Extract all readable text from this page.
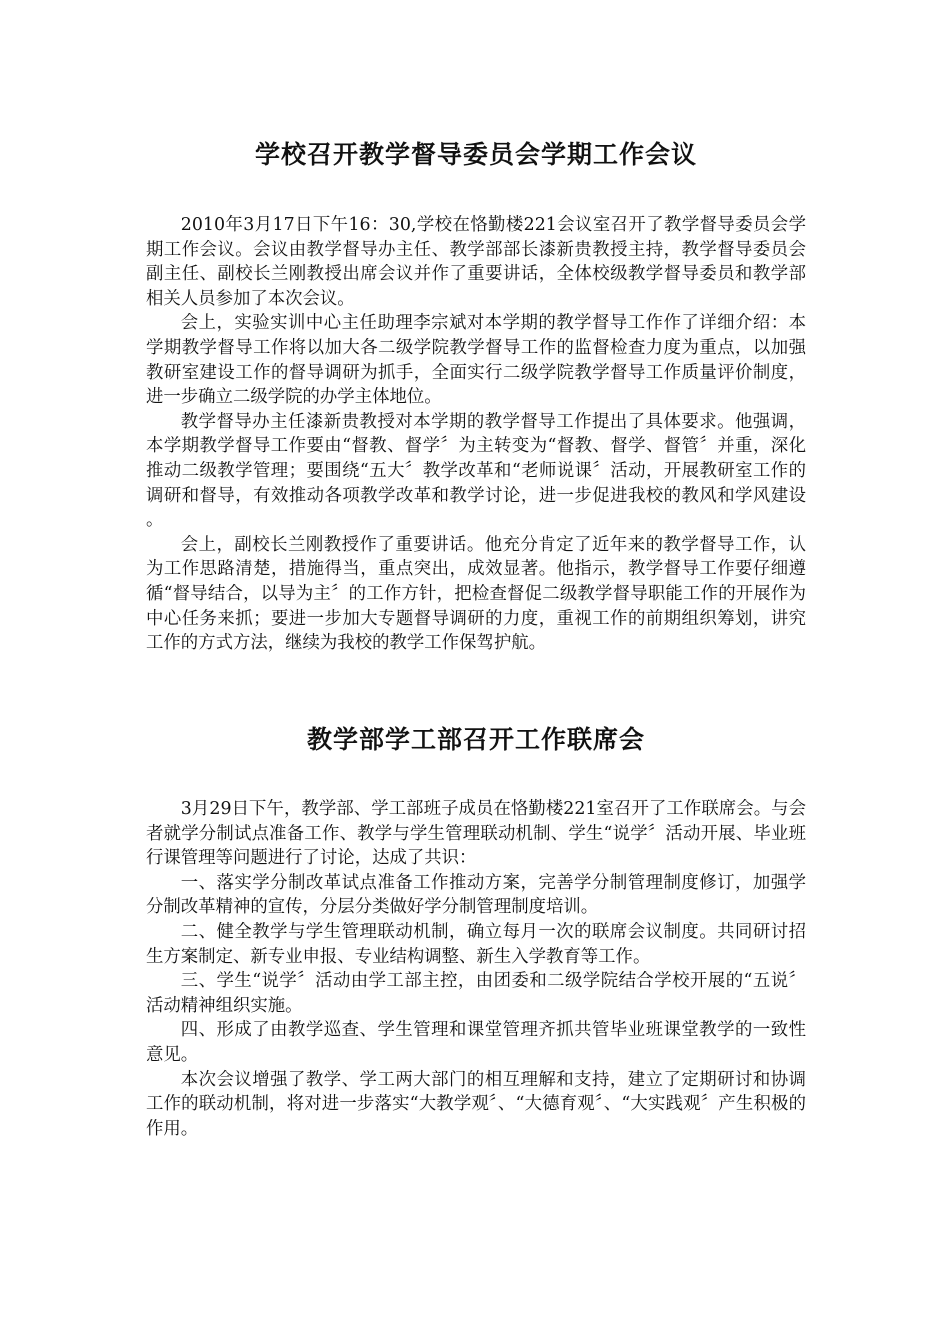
学校召开教学督导委员会学期工作会议

2010年3月17日下午16：30,学校在恪勤楼221会议室召开了教学督导委员会学期工作会议。会议由教学督导办主任、教学部部长漆新贵教授主持，教学督导委员会副主任、副校长兰刚教授出席会议并作了重要讲话，全体校级教学督导委员和教学部相关人员参加了本次会议。

会上，实验实训中心主任助理李宗斌对本学期的教学督导工作作了详细介绍：本学期教学督导工作将以加大各二级学院教学督导工作的监督检查力度为重点，以加强教研室建设工作的督导调研为抓手，全面实行二级学院教学督导工作质量评价制度，进一步确立二级学院的办学主体地位。

教学督导办主任漆新贵教授对本学期的教学督导工作提出了具体要求。他强调，本学期教学督导工作要由“督教、督学〞为主转变为“督教、督学、督管〞并重，深化推动二级教学管理；要围绕“五大〞教学改革和“老师说课〞活动，开展教研室工作的调研和督导，有效推动各项教学改革和教学讨论，进一步促进我校的教风和学风建设。

会上，副校长兰刚教授作了重要讲话。他充分肯定了近年来的教学督导工作，认为工作思路清楚，措施得当，重点突出，成效显著。他指示，教学督导工作要仔细遵循“督导结合，以导为主〞的工作方针，把检查督促二级教学督导职能工作的开展作为中心任务来抓；要进一步加大专题督导调研的力度，重视工作的前期组织筹划，讲究工作的方式方法，继续为我校的教学工作保驾护航。

教学部学工部召开工作联席会

3月29日下午，教学部、学工部班子成员在恪勤楼221室召开了工作联席会。与会者就学分制试点准备工作、教学与学生管理联动机制、学生“说学〞活动开展、毕业班行课管理等问题进行了讨论，达成了共识：

一、落实学分制改革试点准备工作推动方案，完善学分制管理制度修订，加强学分制改革精神的宣传，分层分类做好学分制管理制度培训。

二、健全教学与学生管理联动机制，确立每月一次的联席会议制度。共同研讨招生方案制定、新专业申报、专业结构调整、新生入学教育等工作。

三、学生“说学〞活动由学工部主控，由团委和二级学院结合学校开展的“五说〞活动精神组织实施。

四、形成了由教学巡查、学生管理和课堂管理齐抓共管毕业班课堂教学的一致性意见。

本次会议增强了教学、学工两大部门的相互理解和支持，建立了定期研讨和协调工作的联动机制，将对进一步落实“大教学观〞、“大德育观〞、“大实践观〞产生积极的作用。
